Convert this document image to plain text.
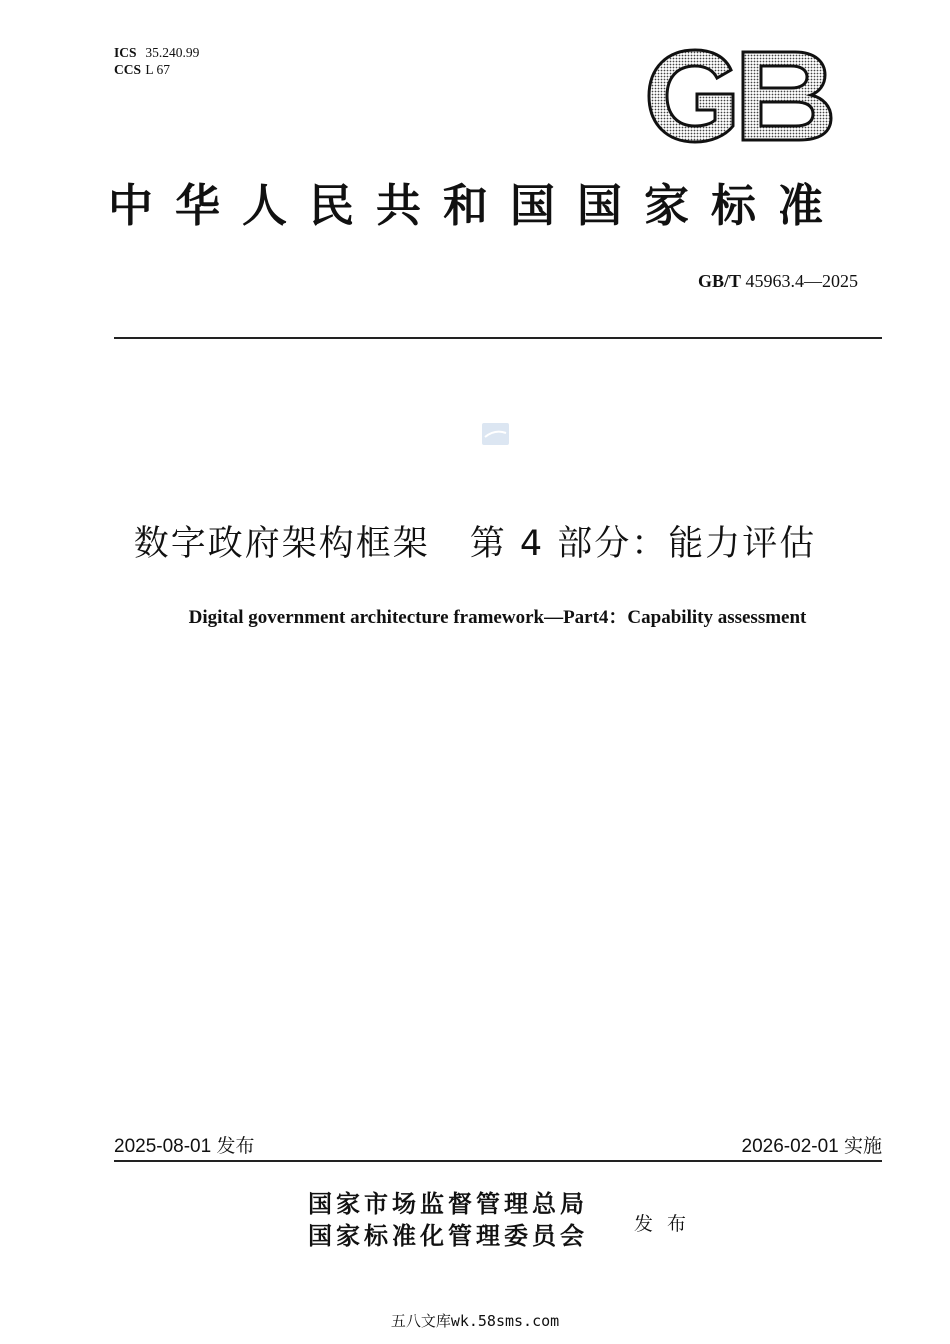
ICS 35.240.99
CCS L 67
中华人民共和国国家标准
GB/T 45963.4—2025
数字政府架构框架 第 4 部分：能力评估
Digital government architecture framework—Part4：Capability assessment
2025-08-01 发布	2026-02-01 实施
国家市场监督管理总局
国家标准化管理委员会 发布
五八文库wk.58sms.com
